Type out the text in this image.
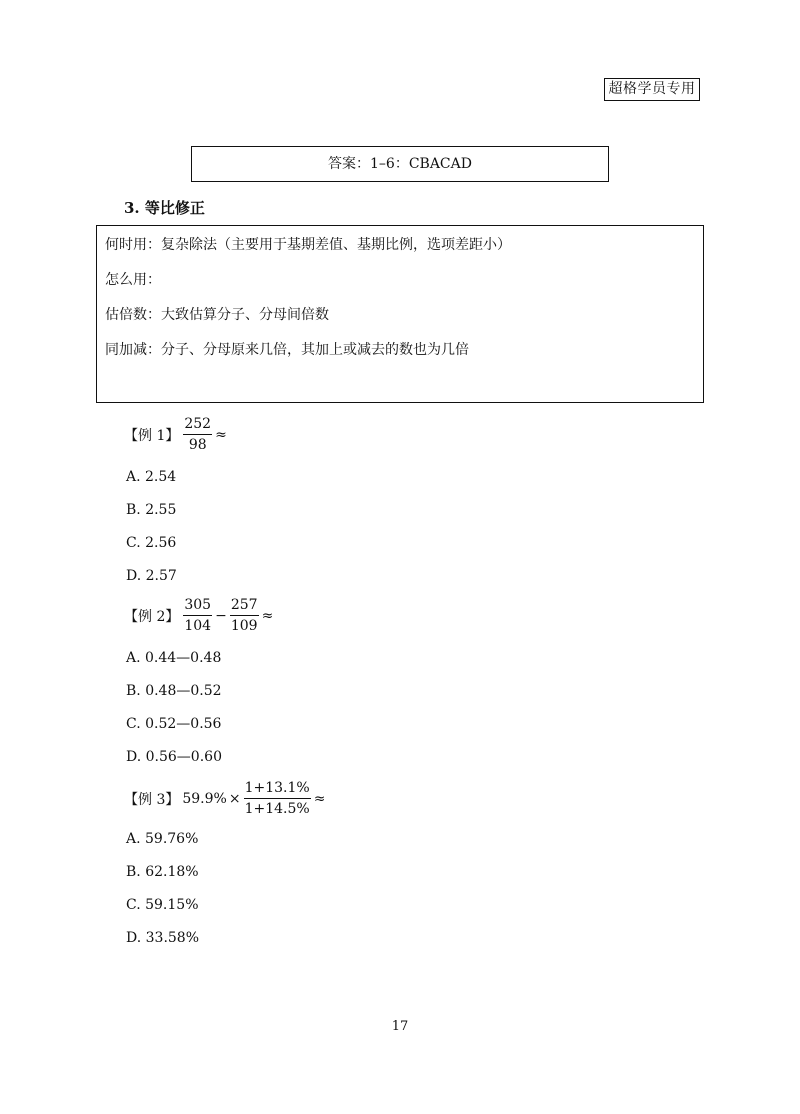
超格学员专用
答案：1–6：CBACAD
3. 等比修正
何时用：复杂除法（主要用于基期差值、基期比例，选项差距小）
怎么用：
估倍数：大致估算分子、分母间倍数
同加减：分子、分母原来几倍，其加上或减去的数也为几倍
【例 1】 $\frac{252}{98}$ ≈
A. 2.54
B. 2.55
C. 2.56
D. 2.57
【例 2】 $\frac{305}{104} - \frac{257}{109}$ ≈
A. 0.44—0.48
B. 0.48—0.52
C. 0.52—0.56
D. 0.56—0.60
【例 3】 $59.9\% \times \frac{1+13.1\%}{1+14.5\%}$ ≈
A. 59.76%
B. 62.18%
C. 59.15%
D. 33.58%
17
